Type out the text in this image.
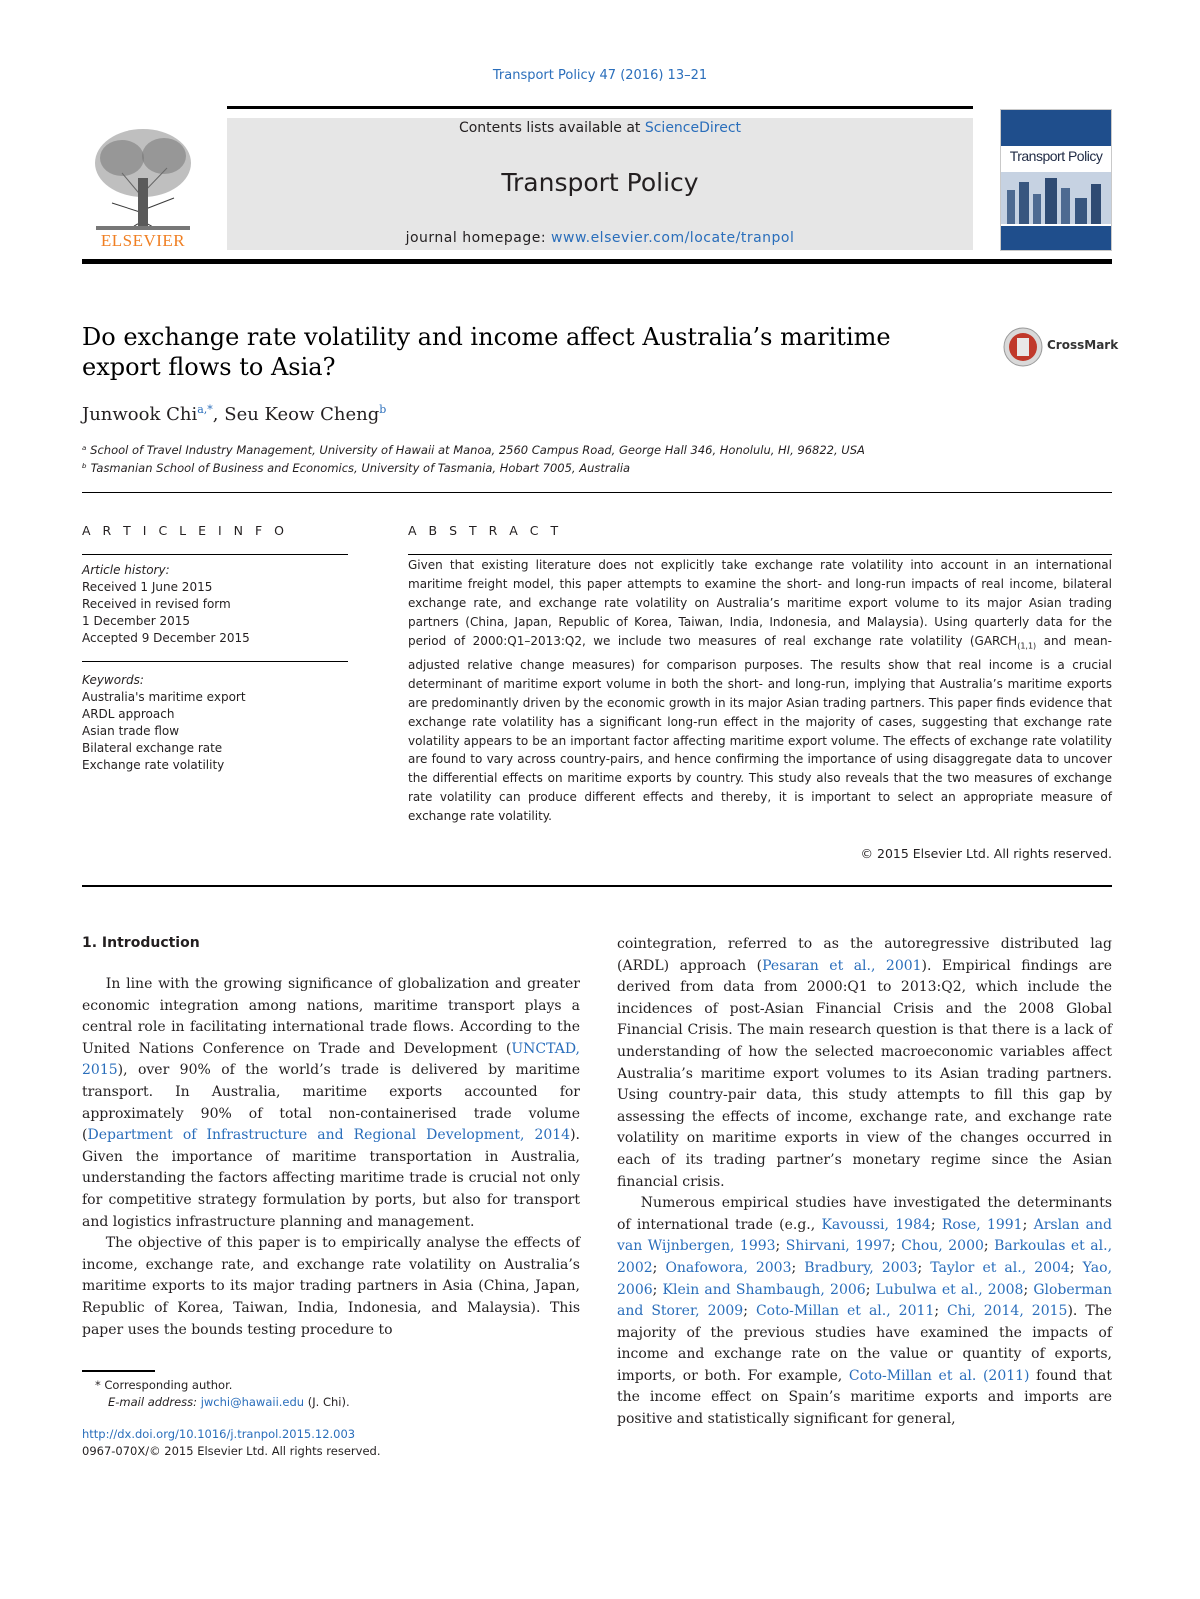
Transport Policy 47 (2016) 13–21
ELSEVIER
Contents lists available at ScienceDirect
Transport Policy
journal homepage: www.elsevier.com/locate/tranpol
Transport Policy
Do exchange rate volatility and income affect Australia’s maritime
export flows to Asia?
CrossMark
Junwook Chi$^{a,*}$, Seu Keow Cheng$^b$
ᵃ School of Travel Industry Management, University of Hawaii at Manoa, 2560 Campus Road, George Hall 346, Honolulu, HI, 96822, USA
ᵇ Tasmanian School of Business and Economics, University of Tasmania, Hobart 7005, Australia
A R T I C L E I N F O
Article history:
Received 1 June 2015
Received in revised form
1 December 2015
Accepted 9 December 2015
Keywords:
Australia's maritime export
ARDL approach
Asian trade flow
Bilateral exchange rate
Exchange rate volatility
A B S T R A C T
Given that existing literature does not explicitly take exchange rate volatility into account in an international maritime freight model, this paper attempts to examine the short- and long-run impacts of real income, bilateral exchange rate, and exchange rate volatility on Australia’s maritime export volume to its major Asian trading partners (China, Japan, Republic of Korea, Taiwan, India, Indonesia, and Malaysia). Using quarterly data for the period of 2000:Q1–2013:Q2, we include two measures of real exchange rate volatility ($GARCH_{(1,1)}$ and mean-adjusted relative change measures) for comparison purposes. The results show that real income is a crucial determinant of maritime export volume in both the short- and long-run, implying that Australia’s maritime exports are predominantly driven by the economic growth in its major Asian trading partners. This paper finds evidence that exchange rate volatility has a significant long-run effect in the majority of cases, suggesting that exchange rate volatility appears to be an important factor affecting maritime export volume. The effects of exchange rate volatility are found to vary across country-pairs, and hence confirming the importance of using disaggregate data to uncover the differential effects on maritime exports by country. This study also reveals that the two measures of exchange rate volatility can produce different effects and thereby, it is important to select an appropriate measure of exchange rate volatility.
© 2015 Elsevier Ltd. All rights reserved.
1. Introduction

In line with the growing significance of globalization and greater economic integration among nations, maritime transport plays a central role in facilitating international trade flows. According to the United Nations Conference on Trade and Development (UNCTAD, 2015), over 90% of the world’s trade is delivered by maritime transport. In Australia, maritime exports accounted for approximately 90% of total non-containerised trade volume (Department of Infrastructure and Regional Development, 2014). Given the importance of maritime transportation in Australia, understanding the factors affecting maritime trade is crucial not only for competitive strategy formulation by ports, but also for transport and logistics infrastructure planning and management.

The objective of this paper is to empirically analyse the effects of income, exchange rate, and exchange rate volatility on Australia’s maritime exports to its major trading partners in Asia (China, Japan, Republic of Korea, Taiwan, India, Indonesia, and Malaysia). This paper uses the bounds testing procedure to

cointegration, referred to as the autoregressive distributed lag (ARDL) approach (Pesaran et al., 2001). Empirical findings are derived from data from 2000:Q1 to 2013:Q2, which include the incidences of post-Asian Financial Crisis and the 2008 Global Financial Crisis. The main research question is that there is a lack of understanding of how the selected macroeconomic variables affect Australia’s maritime export volumes to its Asian trading partners. Using country-pair data, this study attempts to fill this gap by assessing the effects of income, exchange rate, and exchange rate volatility on maritime exports in view of the changes occurred in each of its trading partner’s monetary regime since the Asian financial crisis.

Numerous empirical studies have investigated the determinants of international trade (e.g., Kavoussi, 1984; Rose, 1991; Arslan and van Wijnbergen, 1993; Shirvani, 1997; Chou, 2000; Barkoulas et al., 2002; Onafowora, 2003; Bradbury, 2003; Taylor et al., 2004; Yao, 2006; Klein and Shambaugh, 2006; Lubulwa et al., 2008; Globerman and Storer, 2009; Coto-Millan et al., 2011; Chi, 2014, 2015). The majority of the previous studies have examined the impacts of income and exchange rate on the value or quantity of exports, imports, or both. For example, Coto-Millan et al. (2011) found that the income effect on Spain’s maritime exports and imports are positive and statistically significant for general,

* Corresponding author.
E-mail address: jwchi@hawaii.edu (J. Chi).
http://dx.doi.org/10.1016/j.tranpol.2015.12.003
0967-070X/© 2015 Elsevier Ltd. All rights reserved.
